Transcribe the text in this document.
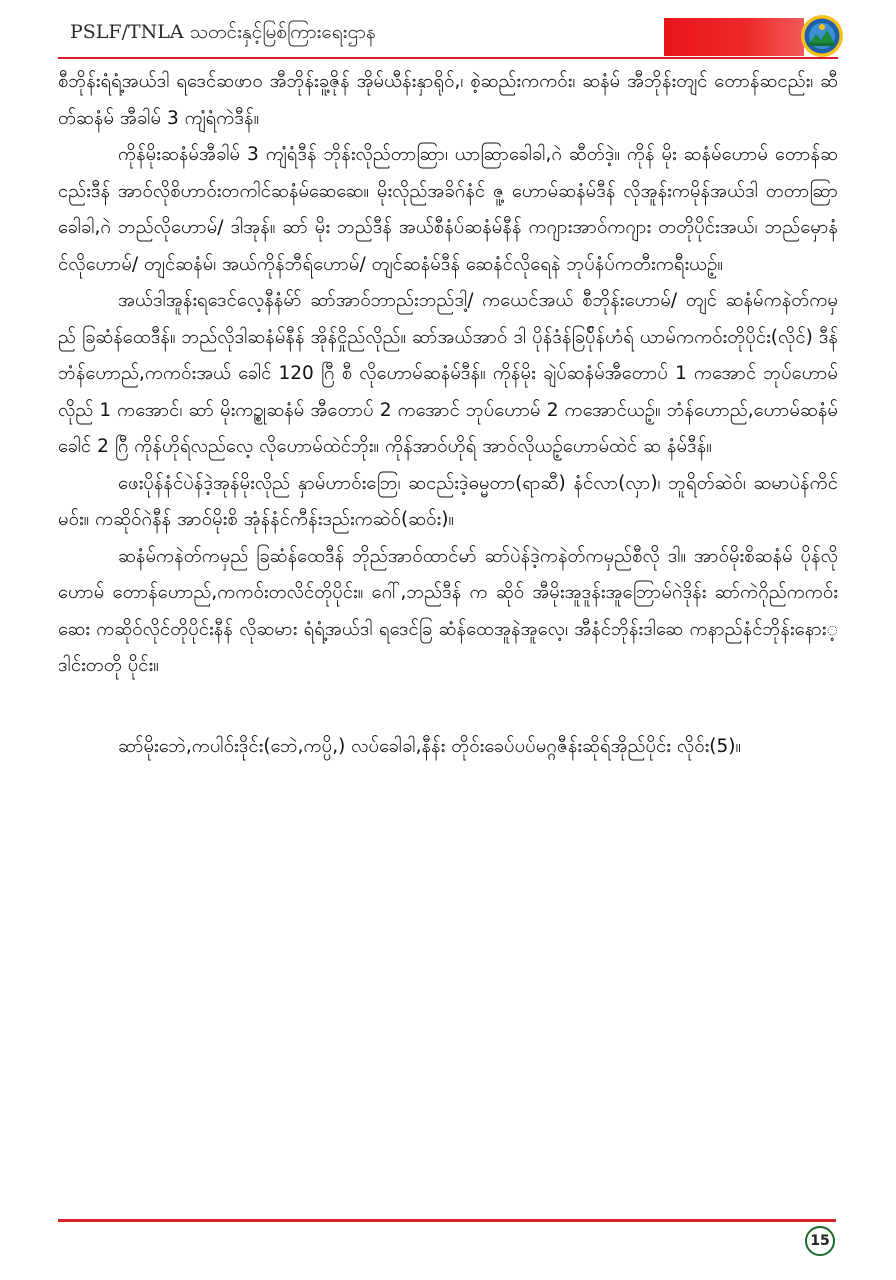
PSLF/TNLA သတင်းနှင့်မြစ်ကြားရေးဌာန

စီဘိုန်းရံရံ့အယ်ဒါ ရဒေင်ဆဖာဝ အီဘိုန်းခူ့ဇိုန် အိုမ်ယီန်းနှာရိုဝ်,၊ စဲ့ဆည်းကကဝ်း၊ ဆနံမ် အီဘိုန်းတျင် တောန်ဆငည်း၊ ဆီတ်ဆနံမ် အီခါမ် 3 ကျံရံကဲဒီန်။

ကိုန်မိုးဆနံမ်အီခါမ် 3 ကျံရံဒီန် ဘိုန်းလိုည်တာဆြာ၊ ယာဆြာခေါခါ,ဂဲ ဆီတ်ဒဲ့။ ကိုန် မိုး ဆနံမ်ဟောမ် တောန်ဆငည်းဒီန် အာဝ်လိုစိဟာဝ်းတကါင်ဆနံမ်ဆေဆေ။ မိုးလိုည်အခိဂ်နံင် ဇူ့ ဟောမ်ဆနံမ်ဒီန် လိုအူန်းကမိုန်အယ်ဒါ တတာဆြာခေါခါ,ဂဲ ဘည်လိုဟောမ်/ ဒါအုန်။ ဆာ် မိုး ဘည်ဒီန် အယ်စီနံပ်ဆနံမ်နီန် ကဂျားအာဝ်ကဂျား တတိုပိုင်းအယ်၊ ဘည်မှောနံင်လိုဟောမ်/ တျင်ဆနံမ်၊ အယ်ကိုန်ဘီရ်ဟောမ်/ တျင်ဆနံမ်ဒီန် ဆေနံင်လိုရေနဲ ဘုပ်နံပ်ကတီးကရီးယဉ့်။

အယ်ဒါအူန်းရဒေင်လေ့နီနံမ်ာ် ဆာ်အာဝ်ဘာည်းဘည်ဒါ့/ ကယေင်အယ် စီဘိုန်းဟောမ်/ တျင် ဆနံမ်ကနဲတ်ကမှည် ခြဆံန်ထေဒီန်။ ဘည်လိုဒါဆနံမ်နီန် အိုန်ငှိုည်လိုည်။ ဆာ်အယ်အာဝ် ဒါ ပိုန်ဒံန်ခြပ်ိုန်ဟံရ် ယာမ်ကကဝ်းတိုပိုင်း(လိုင်) ဒီန် ဘံန်ဟောည်,ကကဝ်းအယ် ခေါင် 120 ဂြီ စီ လိုဟောမ်ဆနံမ်ဒီန်။ ကိုန်မိုး ချဲပ်ဆနံမ်အီတောပ် 1 ကအောင် ဘုပ်ဟောမ်လိုည် 1 ကအောင်၊ ဆာ် မိုးကဉ္စုဆနံမ် အီတောပ် 2 ကအောင် ဘုပ်ဟောမ် 2 ကအောင်ယဉ့်။ ဘံန်ဟောည်,ဟောမ်ဆနံမ် ခေါင် 2 ဂြီ ကိုန်ဟိုရ်လည်လေ့ လိုဟောမ်ထဲင်ဘိုး။ ကိုန်အာဝ်ဟိုရ် အာဝ်လိုယဉ့်ဟောမ်ထဲင် ဆ နံမ်ဒီန်။

ဖေးပိုန်နံင်ပဲန်ဒဲ့အုန်မိုးလိုည် နှာမ်ဟာဝ်းဘြေ၊ ဆငည်းဒဲ့ဓမ္မတာ(ရာဆီ) နံင်လာ(လှာ)၊ ဘူရိတ်ဆဲဝ်၊ ဆမာပဲန်ကိင်မဝ်း။ ကဆိုဝ်ဂဲနီန် အာဝ်မိုးစိ အုံန်နံင်ကီန်းဒည်းကဆဲဝ်(ဆဝ်း)။

ဆနံမ်ကနဲတ်ကမှည် ခြဆံန်ထေဒီန် ဘိုည်အာဝ်ထာင်မာ် ဆာ်ပဲန်ဒဲ့ကနဲတ်ကမှည်စီလို ဒါ။ အာဝ်မိုးစိဆနံမ် ပိုန်လိုဟောမ် တောန်ဟောည်,ကကဝ်းတလိင်တိုပိုင်း။ ဂေါ်,ဘည်ဒီန် က ဆိုဝ် အီမိုးအူဒူန်းအူဘြောမ်ဂဲဒိုန်း ဆာ်ကဲဂိုည်ကကဝ်းဆေး ကဆိုဝ်လိုင်တိုပိုင်းနီန် လိုဆမား ရံရံ့အယ်ဒါ ရဒေင်ခြ ဆံန်ထေအူနဲအူလေ့၊ အီနံင်ဘိုန်းဒါဆေ ကနာည်နံင်ဘိုန်းနေား့ဒါင်းတတို ပိုင်း။

ဆာ်မိုးဘေဲ,ကပါဝ်းဒိုင်း(ဘေဲ,ကပ္ပိ,) လပ်ခေါခါ,နီန်း တိုဝ်းခေပ်ပပ်မဂ္ဂဇီန်းဆိုရ်အိုည်ပိုင်း လိုဝ်း(5)။

15
